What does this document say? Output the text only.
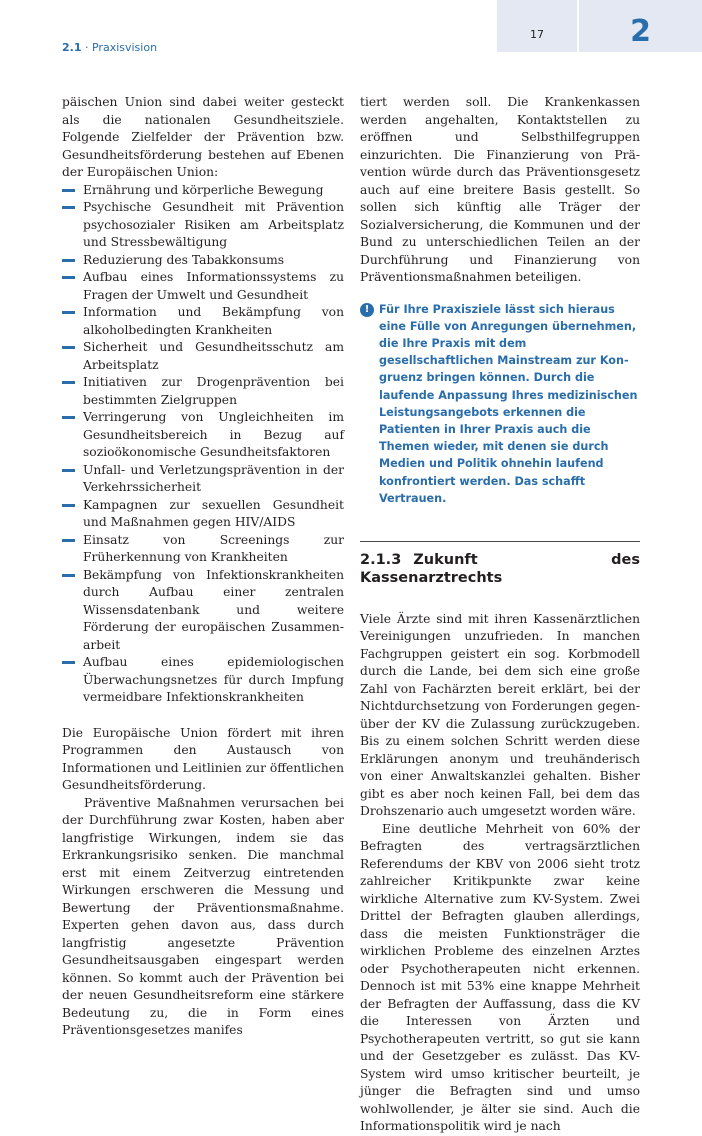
2.1 · Praxisvision
17	2

päischen Union sind dabei weiter gesteckt als die nationalen Gesundheitsziele. Folgende Zielfelder der Prävention bzw. Gesundheitsförderung bestehen auf Ebenen der Europäischen Union:

Ernährung und körperliche Bewegung
Psychische Gesundheit mit Prävention psychosozialer Risiken am Arbeitsplatz und Stressbewältigung
Reduzierung des Tabakkonsums
Aufbau eines Informationssystems zu Fragen der Umwelt und Gesundheit
Information und Bekämpfung von alkoholbedingten Krankheiten
Sicherheit und Gesundheitsschutz am Arbeitsplatz
Initiativen zur Drogenprävention bei bestimmten Zielgruppen
Verringerung von Ungleichheiten im Gesundheitsbereich in Bezug auf sozioökonomische Gesundheitsfaktoren
Unfall- und Verletzungsprävention in der Verkehrssicherheit
Kampagnen zur sexuellen Gesundheit und Maßnahmen gegen HIV/AIDS
Einsatz von Screenings zur Früherkennung von Krankheiten
Bekämpfung von Infektionskrankheiten durch Aufbau einer zentralen Wissensdatenbank und weitere Förderung der europäischen Zusammenarbeit
Aufbau eines epidemiologischen Überwachungsnetzes für durch Impfung vermeidbare Infektionskrankheiten

Die Europäische Union fördert mit ihren Programmen den Austausch von Informationen und Leitlinien zur öffentlichen Gesundheitsförderung.

Präventive Maßnahmen verursachen bei der Durchführung zwar Kosten, haben aber langfristige Wirkungen, indem sie das Erkrankungsrisiko senken. Die manchmal erst mit einem Zeitverzug eintretenden Wirkungen erschweren die Messung und Bewertung der Präventionsmaßnahme. Experten gehen davon aus, dass durch langfristig angesetzte Prävention Gesundheitsausgaben eingespart werden können. So kommt auch der Prävention bei der neuen Gesundheitsreform eine stärkere Bedeutung zu, die in Form eines Präventionsgesetzes manifes

tiert werden soll. Die Krankenkassen werden angehalten, Kontaktstellen zu eröffnen und Selbsthilfegruppen einzurichten. Die Finanzierung von Prävention würde durch das Präventionsgesetz auch auf eine breitere Basis gestellt. So sollen sich künftig alle Träger der Sozialversicherung, die Kommunen und der Bund zu unterschiedlichen Teilen an der Durchführung und Finanzierung von Präventionsmaßnahmen beteiligen.

! Für Ihre Praxisziele lässt sich hieraus eine Fülle von Anregungen übernehmen, die Ihre Praxis mit dem gesellschaftlichen Mainstream zur Kongruenz bringen können. Durch die laufende Anpassung Ihres medizinischen Leistungsangebots erkennen die Patienten in Ihrer Praxis auch die Themen wieder, mit denen sie durch Medien und Politik ohnehin laufend konfrontiert werden. Das schafft Vertrauen.
2.1.3 Zukunft des Kassenarztrechts

Viele Ärzte sind mit ihren Kassenärztlichen Vereinigungen unzufrieden. In manchen Fachgruppen geistert ein sog. Korbmodell durch die Lande, bei dem sich eine große Zahl von Fachärzten bereit erklärt, bei der Nichtdurchsetzung von Forderungen gegenüber der KV die Zulassung zurückzugeben. Bis zu einem solchen Schritt werden diese Erklärungen anonym und treuhänderisch von einer Anwaltskanzlei gehalten. Bisher gibt es aber noch keinen Fall, bei dem das Drohszenario auch umgesetzt worden wäre.

Eine deutliche Mehrheit von 60% der Befragten des vertragsärztlichen Referendums der KBV von 2006 sieht trotz zahlreicher Kritikpunkte zwar keine wirkliche Alternative zum KV-System. Zwei Drittel der Befragten glauben allerdings, dass die meisten Funktionsträger die wirklichen Probleme des einzelnen Arztes oder Psychotherapeuten nicht erkennen. Dennoch ist mit 53% eine knappe Mehrheit der Befragten der Auffassung, dass die KV die Interessen von Ärzten und Psychotherapeuten vertritt, so gut sie kann und der Gesetzgeber es zulässt. Das KV-System wird umso kritischer beurteilt, je jünger die Befragten sind und umso wohlwollender, je älter sie sind. Auch die Informationspolitik wird je nach
